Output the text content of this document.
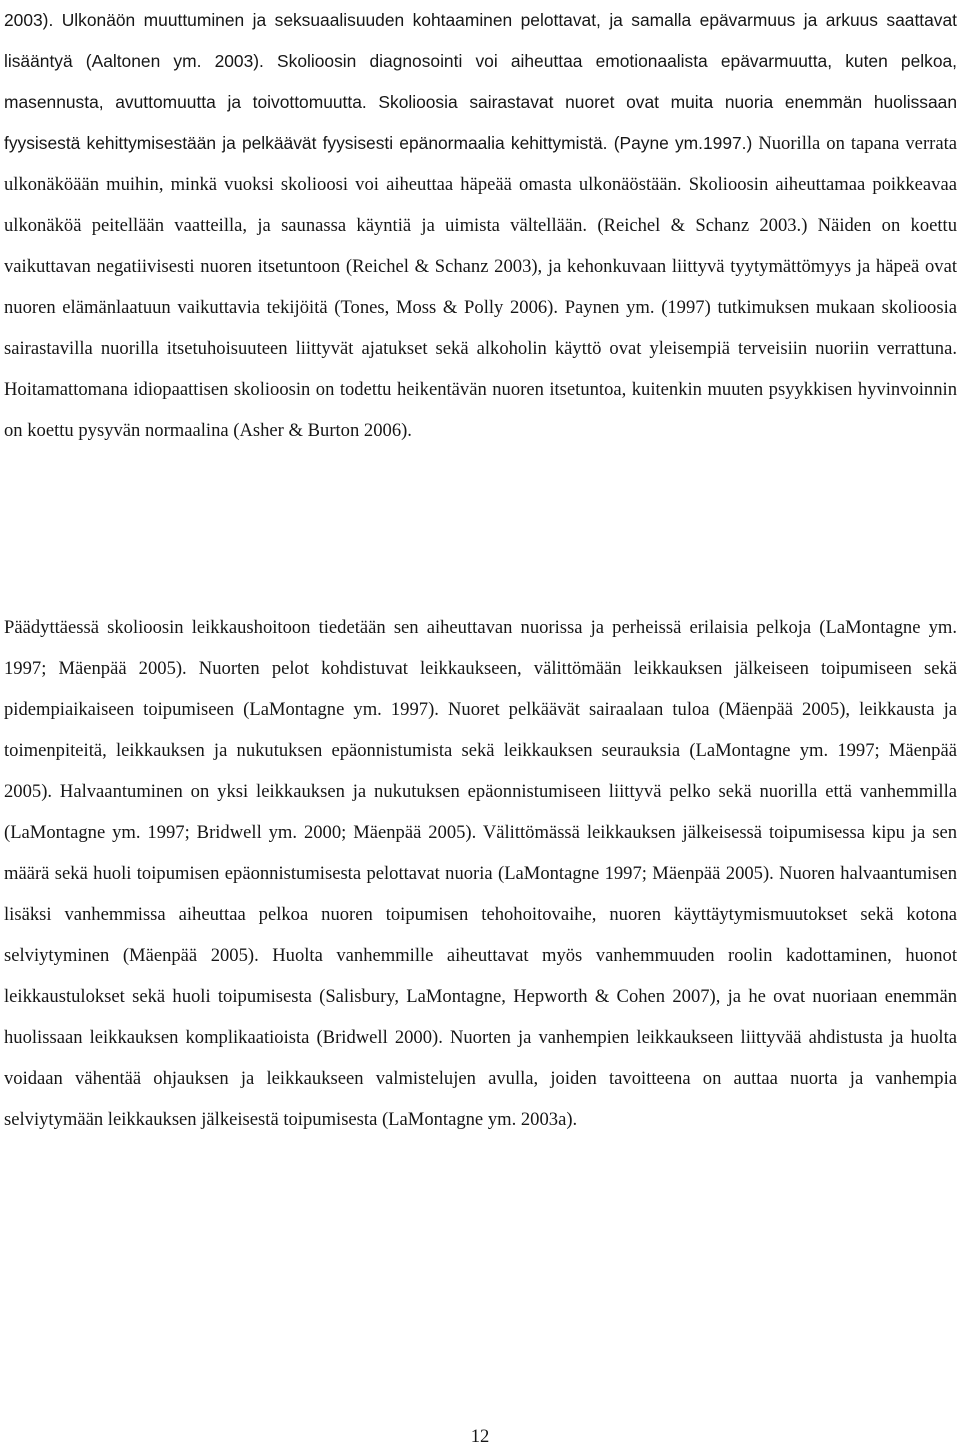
2003). Ulkonäön muuttuminen ja seksuaalisuuden kohtaaminen pelottavat, ja samalla epävarmuus ja arkuus saattavat lisääntyä (Aaltonen ym. 2003). Skolioosin diagnosointi voi aiheuttaa emotionaalista epävarmuutta, kuten pelkoa, masennusta, avuttomuutta ja toivottomuutta. Skolioosia sairastavat nuoret ovat muita nuoria enemmän huolissaan fyysisestä kehittymisestään ja pelkäävät fyysisesti epänormaalia kehittymistä. (Payne ym.1997.) Nuorilla on tapana verrata ulkonäköään muihin, minkä vuoksi skolioosi voi aiheuttaa häpeää omasta ulkonäöstään. Skolioosin aiheuttamaa poikkeavaa ulkonäköä peitellään vaatteilla, ja saunassa käyntiä ja uimista vältellään. (Reichel & Schanz 2003.) Näiden on koettu vaikuttavan negatiivisesti nuoren itsetuntoon (Reichel & Schanz 2003), ja kehonkuvaan liittyvä tyytymättömyys ja häpeä ovat nuoren elämänlaatuun vaikuttavia tekijöitä (Tones, Moss & Polly 2006). Paynen ym. (1997) tutkimuksen mukaan skolioosia sairastavilla nuorilla itsetuhoisuuteen liittyvät ajatukset sekä alkoholin käyttö ovat yleisempiä terveisiin nuoriin verrattuna. Hoitamattomana idiopaattisen skolioosin on todettu heikentävän nuoren itsetuntoa, kuitenkin muuten psyykkisen hyvinvoinnin on koettu pysyvän normaalina (Asher & Burton 2006).

Päädyttäessä skolioosin leikkaushoitoon tiedetään sen aiheuttavan nuorissa ja perheissä erilaisia pelkoja (LaMontagne ym. 1997; Mäenpää 2005). Nuorten pelot kohdistuvat leikkaukseen, välittömään leikkauksen jälkeiseen toipumiseen sekä pidempiaikaiseen toipumiseen (LaMontagne ym. 1997). Nuoret pelkäävät sairaalaan tuloa (Mäenpää 2005), leikkausta ja toimenpiteitä, leikkauksen ja nukutuksen epäonnistumista sekä leikkauksen seurauksia (LaMontagne ym. 1997; Mäenpää 2005). Halvaantuminen on yksi leikkauksen ja nukutuksen epäonnistumiseen liittyvä pelko sekä nuorilla että vanhemmilla (LaMontagne ym. 1997; Bridwell ym. 2000; Mäenpää 2005). Välittömässä leikkauksen jälkeisessä toipumisessa kipu ja sen määrä sekä huoli toipumisen epäonnistumisesta pelottavat nuoria (LaMontagne 1997; Mäenpää 2005). Nuoren halvaantumisen lisäksi vanhemmissa aiheuttaa pelkoa nuoren toipumisen tehohoitovaihe, nuoren käyttäytymismuutokset sekä kotona selviytyminen (Mäenpää 2005). Huolta vanhemmille aiheuttavat myös vanhemmuuden roolin kadottaminen, huonot leikkaustulokset sekä huoli toipumisesta (Salisbury, LaMontagne, Hepworth & Cohen 2007), ja he ovat nuoriaan enemmän huolissaan leikkauksen komplikaatioista (Bridwell 2000). Nuorten ja vanhempien leikkaukseen liittyvää ahdistusta ja huolta voidaan vähentää ohjauksen ja leikkaukseen valmistelujen avulla, joiden tavoitteena on auttaa nuorta ja vanhempia selviytymään leikkauksen jälkeisestä toipumisesta (LaMontagne ym. 2003a).

12
